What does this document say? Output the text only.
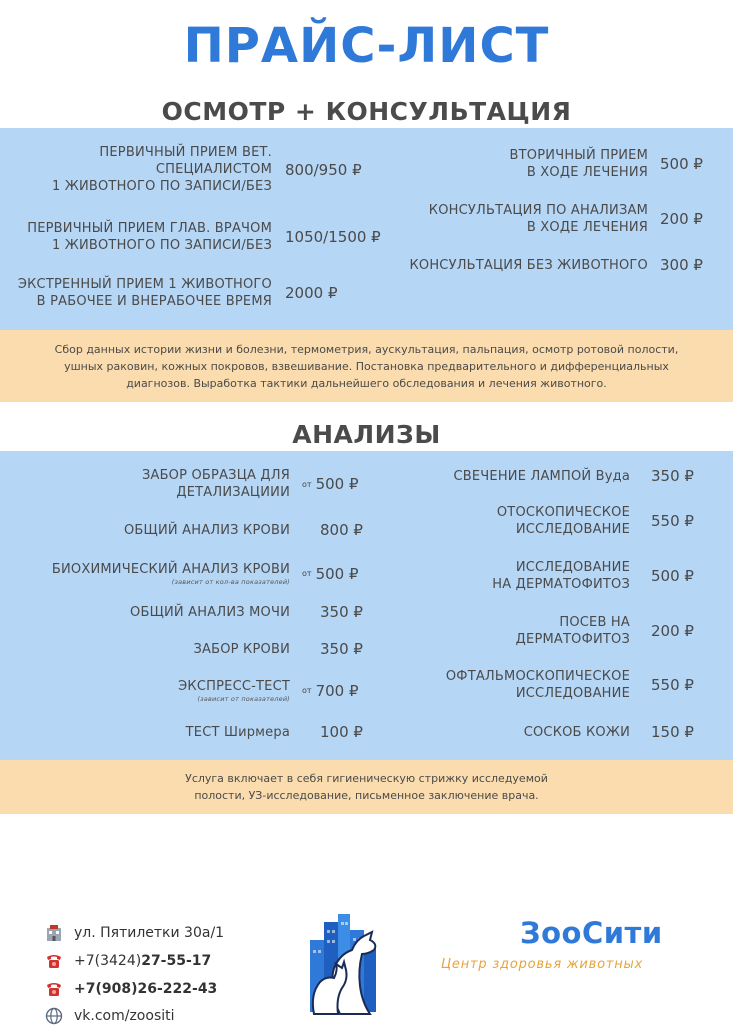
ПРАЙС-ЛИСТ
ОСМОТР + КОНСУЛЬТАЦИЯ
ПЕРВИЧНЫЙ ПРИЕМ ВЕТ.
СПЕЦИАЛИСТОМ
1 ЖИВОТНОГО ПО ЗАПИСИ/БЕЗ
800/950 ₽
ПЕРВИЧНЫЙ ПРИЕМ ГЛАВ. ВРАЧОМ
1 ЖИВОТНОГО ПО ЗАПИСИ/БЕЗ 1050/1500 ₽
ЭКСТРЕННЫЙ ПРИЕМ 1 ЖИВОТНОГО
В РАБОЧЕЕ И ВНЕРАБОЧЕЕ ВРЕМЯ 2000 ₽
ВТОРИЧНЫЙ ПРИЕМ
В ХОДЕ ЛЕЧЕНИЯ 500 ₽
КОНСУЛЬТАЦИЯ ПО АНАЛИЗАМ
В ХОДЕ ЛЕЧЕНИЯ 200 ₽
КОНСУЛЬТАЦИЯ БЕЗ ЖИВОТНОГО 300 ₽
Сбор данных истории жизни и болезни, термометрия, аускультация, пальпация, осмотр ротовой полости,
ушных раковин, кожных покровов, взвешивание. Постановка предварительного и дифференциальных
диагнозов. Выработка тактики дальнейшего обследования и лечения животного.
АНАЛИЗЫ
ЗАБОР ОБРАЗЦА ДЛЯ
ДЕТАЛИЗАЦИИИ
от 500 ₽
ОБЩИЙ АНАЛИЗ КРОВИ 800 ₽
БИОХИМИЧЕСКИЙ АНАЛИЗ КРОВИ
(зависит от кол-ва показателей)
от 500 ₽
ОБЩИЙ АНАЛИЗ МОЧИ 350 ₽
ЗАБОР КРОВИ 350 ₽
ЭКСПРЕСС-ТЕСТ
(зависит от показателей)
от 700 ₽
ТЕСТ Ширмера 100 ₽
СВЕЧЕНИЕ ЛАМПОЙ Вуда 350 ₽
ОТОСКОПИЧЕСКОЕ
ИССЛЕДОВАНИЕ 550 ₽
ИССЛЕДОВАНИЕ
НА ДЕРМАТОФИТОЗ 500 ₽
ПОСЕВ НА
ДЕРМАТОФИТОЗ 200 ₽
ОФТАЛЬМОСКОПИЧЕСКОЕ
ИССЛЕДОВАНИЕ 550 ₽
СОСКОБ КОЖИ 150 ₽
Услуга включает в себя гигиеническую стрижку исследуемой
полости, УЗ-исследование, письменное заключение врача.
ул. Пятилетки 30а/1
+7(3424) 27-55-17
+7(908)26-222-43
vk.com/zoositi
ЗооСити
Центр здоровья животных
